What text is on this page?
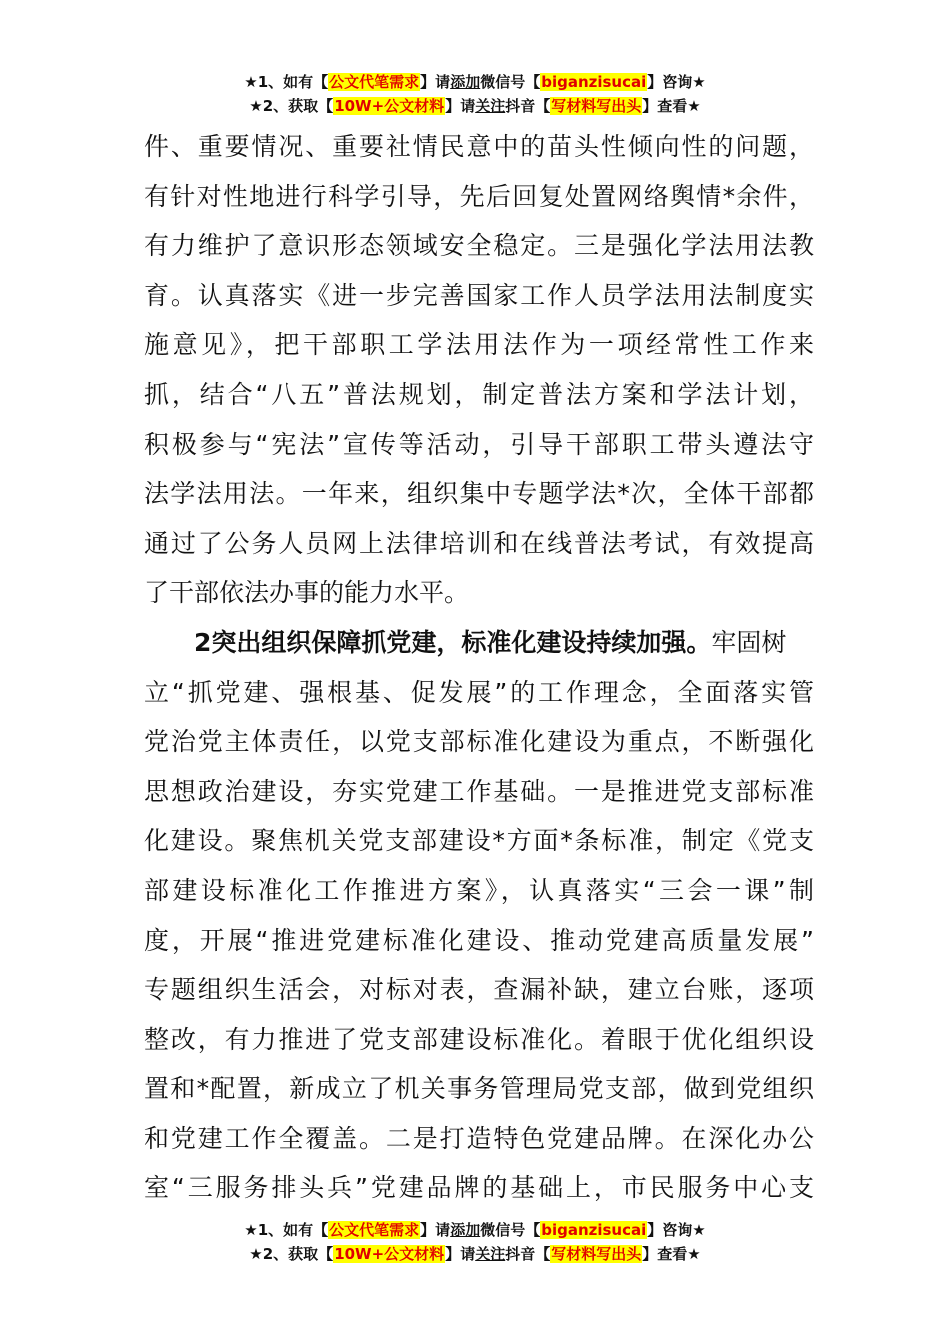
★1、如有【公文代笔需求】请添加微信号【biganzisucai】咨询★
★2、获取【10W+公文材料】请关注抖音【写材料写出头】查看★
件、重要情况、重要社情民意中的苗头性倾向性的问题，
有针对性地进行科学引导，先后回复处置网络舆情*余件，
有力维护了意识形态领域安全稳定。三是强化学法用法教
育。认真落实《进一步完善国家工作人员学法用法制度实
施意见》，把干部职工学法用法作为一项经常性工作来
抓，结合“八五”普法规划，制定普法方案和学法计划，
积极参与“宪法”宣传等活动，引导干部职工带头遵法守
法学法用法。一年来，组织集中专题学法*次，全体干部都
通过了公务人员网上法律培训和在线普法考试，有效提高
了干部依法办事的能力水平。
2突出组织保障抓党建，标准化建设持续加强。牢固树
立“抓党建、强根基、促发展”的工作理念，全面落实管
党治党主体责任，以党支部标准化建设为重点，不断强化
思想政治建设，夯实党建工作基础。一是推进党支部标准
化建设。聚焦机关党支部建设*方面*条标准，制定《党支
部建设标准化工作推进方案》，认真落实“三会一课”制
度，开展“推进党建标准化建设、推动党建高质量发展”
专题组织生活会，对标对表，查漏补缺，建立台账，逐项
整改，有力推进了党支部建设标准化。着眼于优化组织设
置和*配置，新成立了机关事务管理局党支部，做到党组织
和党建工作全覆盖。二是打造特色党建品牌。在深化办公
室“三服务排头兵”党建品牌的基础上，市民服务中心支
★1、如有【公文代笔需求】请添加微信号【biganzisucai】咨询★
★2、获取【10W+公文材料】请关注抖音【写材料写出头】查看★
